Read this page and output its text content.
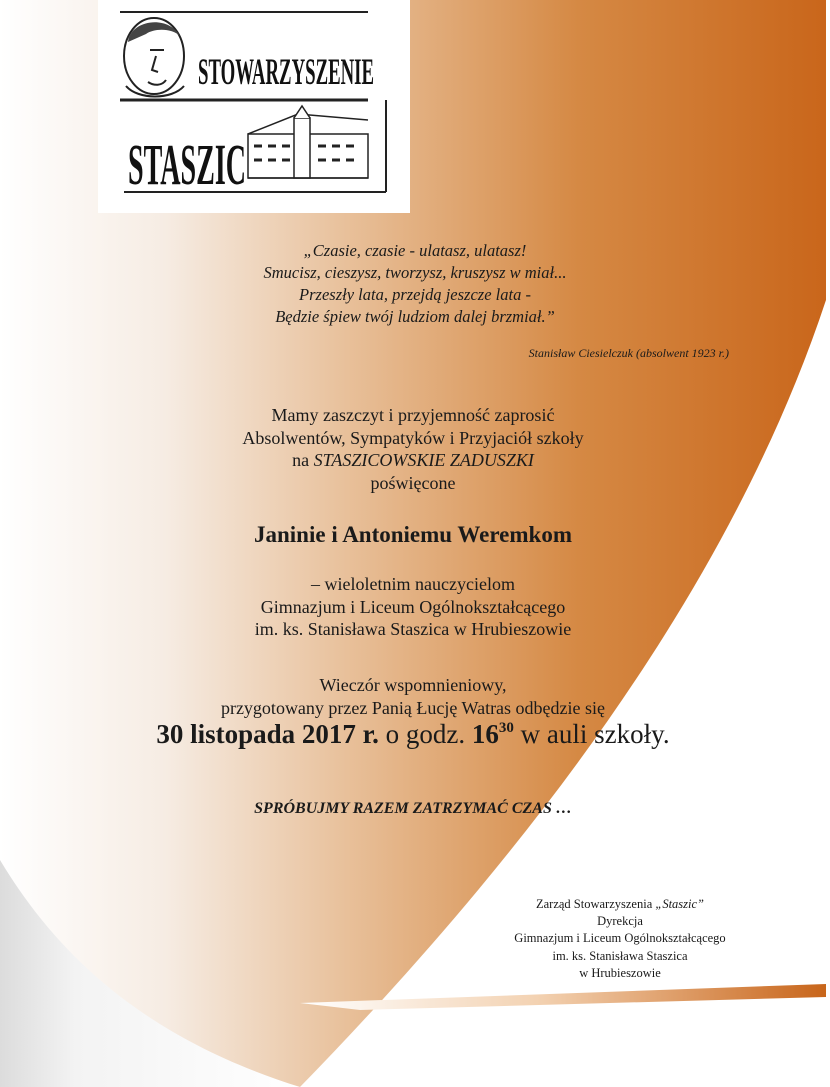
STOWARZYSZENIE
STASZIC
„Czasie, czasie - ulatasz, ulatasz!
Smucisz, cieszysz, tworzysz, kruszysz w miał...
Przeszły lata, przejdą jeszcze lata -
Będzie śpiew twój ludziom dalej brzmiał.”
Stanisław Ciesielczuk (absolwent 1923 r.)
Mamy zaszczyt i przyjemność zaprosić
Absolwentów, Sympatyków i Przyjaciół szkoły
na STASZICOWSKIE ZADUSZKI
poświęcone
Janinie i Antoniemu Weremkom
– wieloletnim nauczycielom
Gimnazjum i Liceum Ogólnokształcącego
im. ks. Stanisława Staszica w Hrubieszowie
Wieczór wspomnieniowy,
przygotowany przez Panią Łucję Watras odbędzie się
30 listopada 2017 r. o godz. $16^{30}$ w auli szkoły.
SPRÓBUJMY RAZEM ZATRZYMAĆ CZAS …
Zarząd Stowarzyszenia „Staszic”
Dyrekcja
Gimnazjum i Liceum Ogólnokształcącego
im. ks. Stanisława Staszica
w Hrubieszowie
